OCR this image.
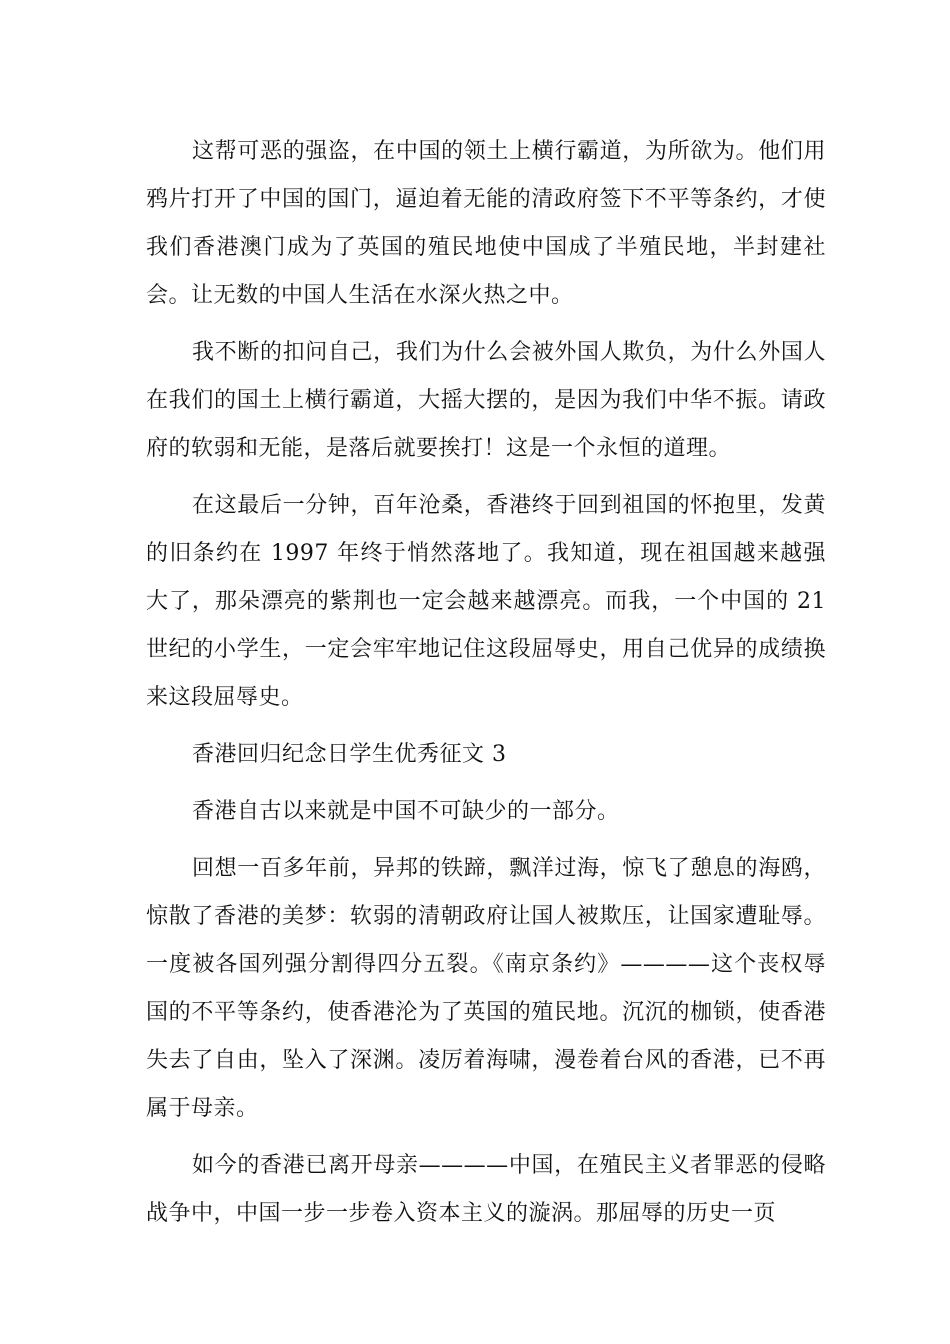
这帮可恶的强盗，在中国的领土上横行霸道，为所欲为。他们用鸦片打开了中国的国门，逼迫着无能的清政府签下不平等条约，才使我们香港澳门成为了英国的殖民地使中国成了半殖民地，半封建社会。让无数的中国人生活在水深火热之中。

我不断的扣问自己，我们为什么会被外国人欺负，为什么外国人在我们的国土上横行霸道，大摇大摆的，是因为我们中华不振。请政府的软弱和无能，是落后就要挨打！这是一个永恒的道理。

在这最后一分钟，百年沧桑，香港终于回到祖国的怀抱里，发黄的旧条约在 1997 年终于悄然落地了。我知道，现在祖国越来越强大了，那朵漂亮的紫荆也一定会越来越漂亮。而我，一个中国的 21 世纪的小学生，一定会牢牢地记住这段屈辱史，用自己优异的成绩换来这段屈辱史。

香港回归纪念日学生优秀征文 3

香港自古以来就是中国不可缺少的一部分。

回想一百多年前，异邦的铁蹄，飘洋过海，惊飞了憩息的海鸥，惊散了香港的美梦：软弱的清朝政府让国人被欺压，让国家遭耻辱。一度被各国列强分割得四分五裂。《南京条约》————这个丧权辱国的不平等条约，使香港沦为了英国的殖民地。沉沉的枷锁，使香港失去了自由，坠入了深渊。凌厉着海啸，漫卷着台风的香港，已不再属于母亲。

如今的香港已离开母亲————中国，在殖民主义者罪恶的侵略战争中，中国一步一步卷入资本主义的漩涡。那屈辱的历史一页
